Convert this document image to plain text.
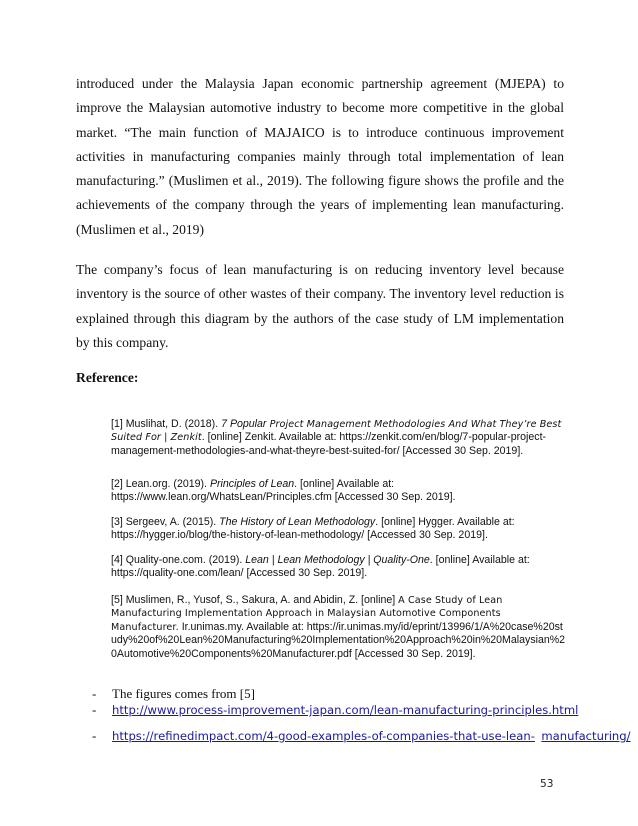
introduced under the Malaysia Japan economic partnership agreement (MJEPA) to improve the Malaysian automotive industry to become more competitive in the global market. “The main function of MAJAICO is to introduce continuous improvement activities in manufacturing companies mainly through total implementation of lean manufacturing.” (Muslimen et al., 2019). The following figure shows the profile and the achievements of the company through the years of implementing lean manufacturing. (Muslimen et al., 2019)

The company’s focus of lean manufacturing is on reducing inventory level because inventory is the source of other wastes of their company. The inventory level reduction is explained through this diagram by the authors of the case study of LM implementation by this company.

Reference:

[1] Muslihat, D. (2018). 7 Popular Project Management Methodologies And What They’re Best Suited For | Zenkit. [online] Zenkit. Available at: https://zenkit.com/en/blog/7-popular-project-management-methodologies-and-what-theyre-best-suited-for/ [Accessed 30 Sep. 2019].

[2] Lean.org. (2019). Principles of Lean. [online] Available at: https://www.lean.org/WhatsLean/Principles.cfm [Accessed 30 Sep. 2019].

[3] Sergeev, A. (2015). The History of Lean Methodology. [online] Hygger. Available at: https://hygger.io/blog/the-history-of-lean-methodology/ [Accessed 30 Sep. 2019].

[4] Quality-one.com. (2019). Lean | Lean Methodology | Quality-One. [online] Available at: https://quality-one.com/lean/ [Accessed 30 Sep. 2019].

[5] Muslimen, R., Yusof, S., Sakura, A. and Abidin, Z. [online] A Case Study of Lean Manufacturing Implementation Approach in Malaysian Automotive Components Manufacturer. Ir.unimas.my. Available at: https://ir.unimas.my/id/eprint/13996/1/A%20case%20study%20of%20Lean%20Manufacturing%20Implementation%20Approach%20in%20Malaysian%20Automotive%20Components%20Manufacturer.pdf [Accessed 30 Sep. 2019].

- The figures comes from [5]
- http://www.process-improvement-japan.com/lean-manufacturing-principles.html
- https://refinedimpact.com/4-good-examples-of-companies-that-use-lean- manufacturing/
53
